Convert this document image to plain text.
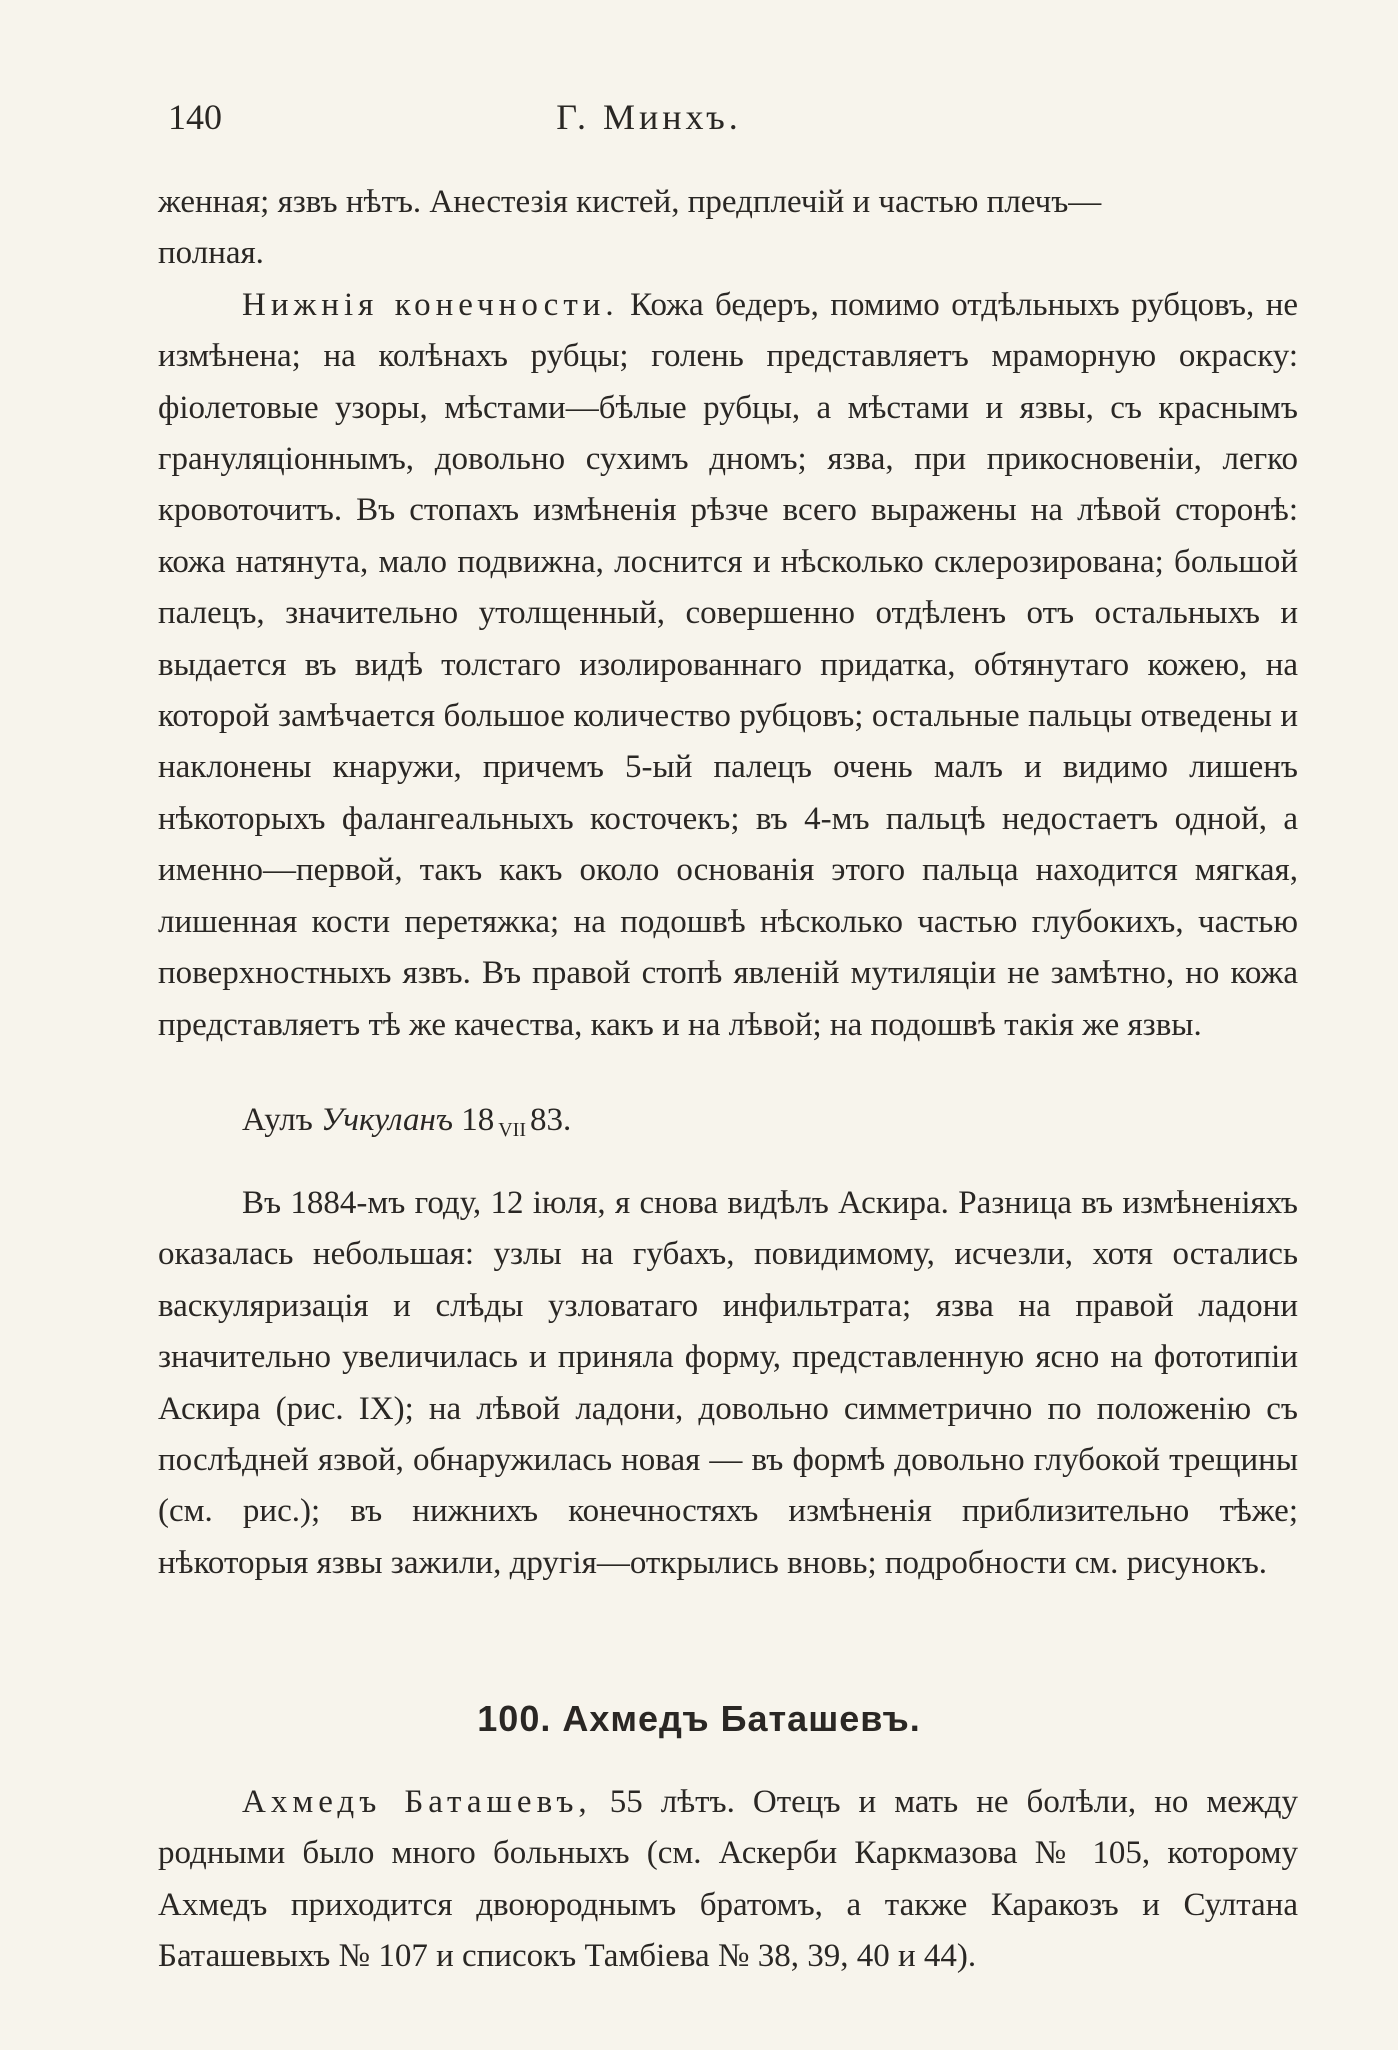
140	Г. Минхъ.

женная; язвъ нѣтъ. Анестезія кистей, предплечій и частью плечъ—

полная.

Нижнія конечности. Кожа бедеръ, помимо отдѣльныхъ рубцовъ, не измѣнена; на колѣнахъ рубцы; голень представляетъ мраморную окраску: фіолетовые узоры, мѣстами—бѣлые рубцы, а мѣстами и язвы, съ краснымъ грануляціоннымъ, довольно сухимъ дномъ; язва, при прикосновеніи, легко кровоточитъ. Въ стопахъ измѣненія рѣзче всего выражены на лѣвой сторонѣ: кожа натянута, мало подвижна, лоснится и нѣсколько склерозирована; большой палецъ, значительно утолщенный, совершенно отдѣленъ отъ остальныхъ и выдается въ видѣ толстаго изолированнаго придатка, обтянутаго кожею, на которой замѣчается большое количество рубцовъ; остальные пальцы отведены и наклонены кнаружи, причемъ 5-ый палецъ очень малъ и видимо лишенъ нѣкоторыхъ фалангеальныхъ косточекъ; въ 4-мъ пальцѣ недостаетъ одной, а именно—первой, такъ какъ около основанія этого пальца находится мягкая, лишенная кости перетяжка; на подошвѣ нѣсколько частью глубокихъ, частью поверхностныхъ язвъ. Въ правой стопѣ явленій мутиляціи не замѣтно, но кожа представляетъ тѣ же качества, какъ и на лѣвой; на подошвѣ такія же язвы.

Аулъ Учкуланъ 18 VII 83.

Въ 1884-мъ году, 12 іюля, я снова видѣлъ Аскира. Разница въ измѣненіяхъ оказалась небольшая: узлы на губахъ, повидимому, исчезли, хотя остались васкуляризація и слѣды узловатаго инфильтрата; язва на правой ладони значительно увеличилась и приняла форму, представленную ясно на фототипіи Аскира (рис. IX); на лѣвой ладони, довольно симметрично по положенію съ послѣдней язвой, обнаружилась новая — въ формѣ довольно глубокой трещины (см. рис.); въ нижнихъ конечностяхъ измѣненія приблизительно тѣже; нѣкоторыя язвы зажили, другія—открылись вновь; подробности см. рисунокъ.

100. Ахмедъ Баташевъ.

Ахмедъ Баташевъ, 55 лѣтъ. Отецъ и мать не болѣли, но между родными было много больныхъ (см. Аскерби Каркмазова № 105, которому Ахмедъ приходится двоюроднымъ братомъ, а также Каракозъ и Султана Баташевыхъ № 107 и списокъ Тамбіева № 38, 39, 40 и 44).
